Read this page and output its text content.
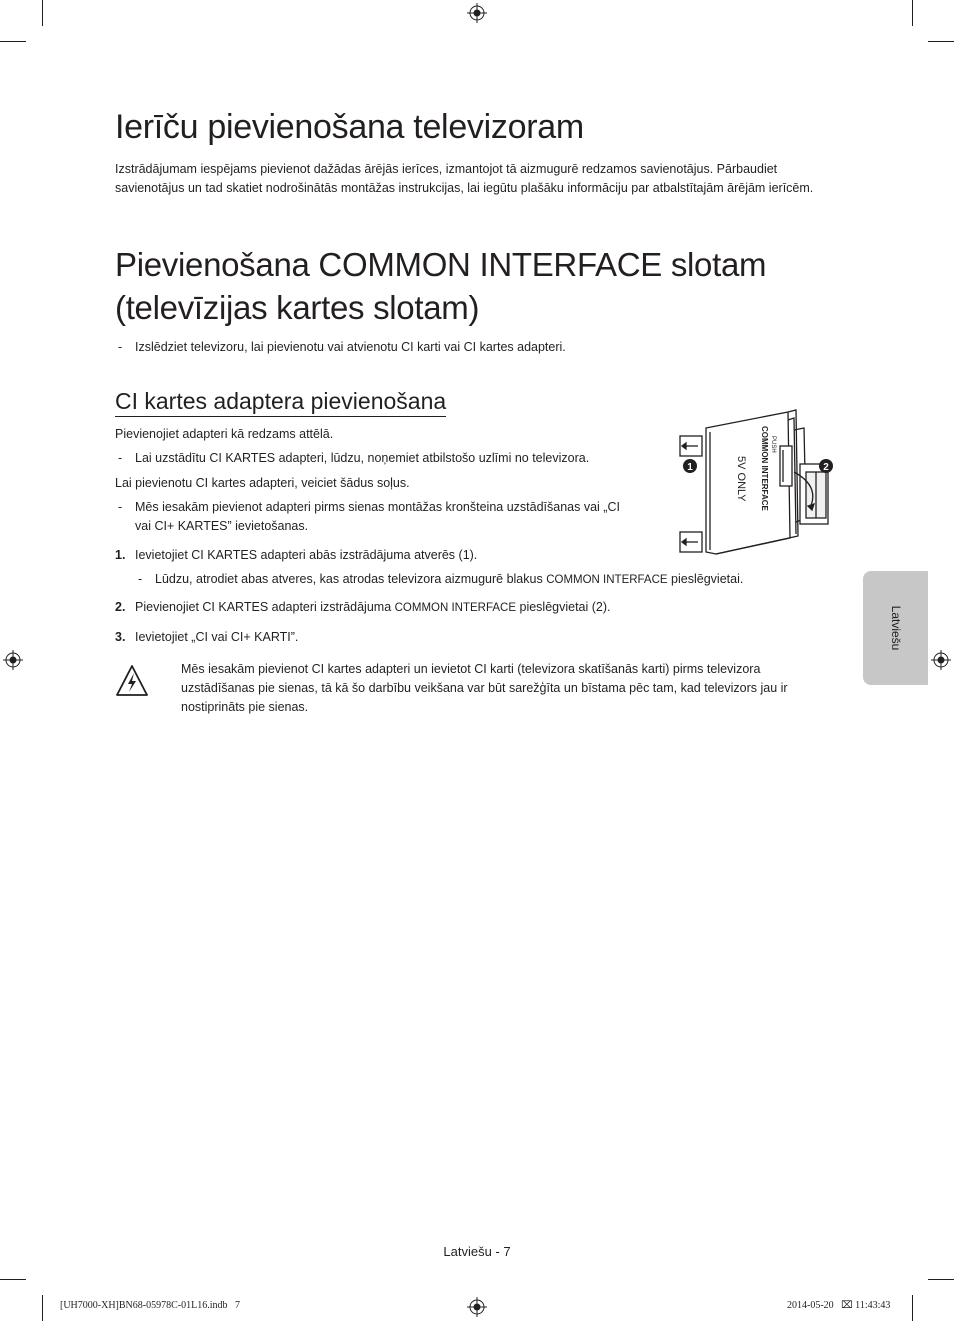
Ierīču pievienošana televizoram

Izstrādājumam iespējams pievienot dažādas ārējās ierīces, izmantojot tā aizmugurē redzamos savienotājus. Pārbaudiet savienotājus un tad skatiet nodrošinātās montāžas instrukcijas, lai iegūtu plašāku informāciju par atbalstītajām ārējām ierīcēm.

Pievienošana COMMON INTERFACE slotam
(televīzijas kartes slotam)
- Izslēdziet televizoru, lai pievienotu vai atvienotu CI karti vai CI kartes adapteri.
CI kartes adaptera pievienošana
Pievienojiet adapteri kā redzams attēlā.
- Lai uzstādītu CI KARTES adapteri, lūdzu, noņemiet atbilstošo uzlīmi no televizora.
Lai pievienotu CI kartes adapteri, veiciet šādus soļus.
- Mēs iesakām pievienot adapteri pirms sienas montāžas kronšteina uzstādīšanas vai „CI
vai CI+ KARTES” ievietošanas.
1. Ievietojiet CI KARTES adapteri abās izstrādājuma atverēs (1).
- Lūdzu, atrodiet abas atveres, kas atrodas televizora aizmugurē blakus COMMON INTERFACE pieslēgvietai.
2. Pievienojiet CI KARTES adapteri izstrādājuma COMMON INTERFACE pieslēgvietai (2).
3. Ievietojiet „CI vai CI+ KARTI”.

Mēs iesakām pievienot CI kartes adapteri un ievietot CI karti (televizora skatīšanās karti) pirms televizora uzstādīšanas pie sienas, tā kā šo darbību veikšana var būt sarežģīta un bīstama pēc tam, kad televizors jau ir nostiprināts pie sienas.

1	2
COMMON INTERFACE PUSH
5V ONLY
Latviešu
Latviešu - 7
[UH7000-XH]BN68-05978C-01L16.indb   7	2014-05-20   ⌧ 11:43:43
